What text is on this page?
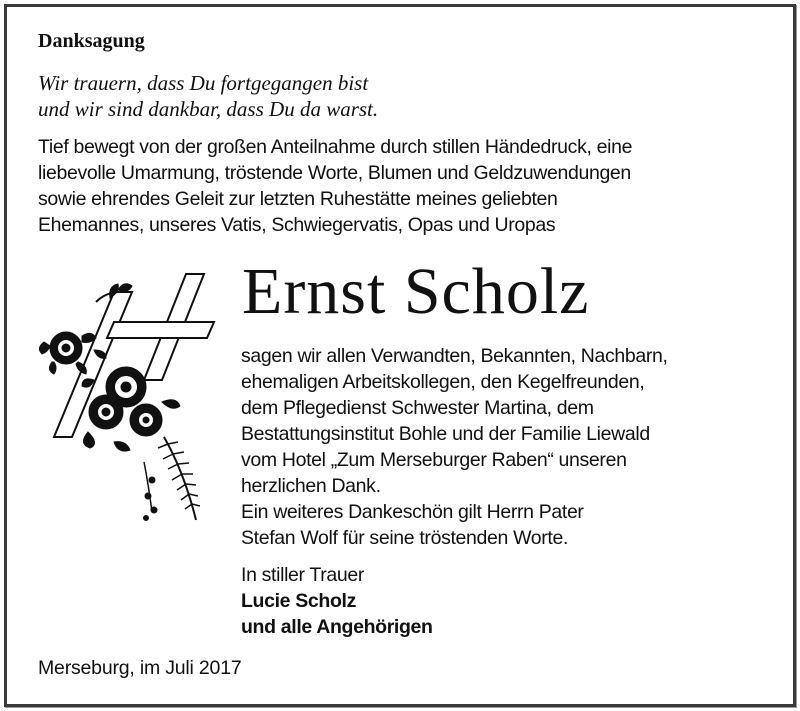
Danksagung
Wir trauern, dass Du fortgegangen bist
und wir sind dankbar, dass Du da warst.
Tief bewegt von der großen Anteilnahme durch stillen Händedruck, eine
liebevolle Umarmung, tröstende Worte, Blumen und Geldzuwendungen
sowie ehrendes Geleit zur letzten Ruhestätte meines geliebten
Ehemannes, unseres Vatis, Schwiegervatis, Opas und Uropas
Ernst Scholz
sagen wir allen Verwandten, Bekannten, Nachbarn,
ehemaligen Arbeitskollegen, den Kegelfreunden,
dem Pflegedienst Schwester Martina, dem
Bestattungsinstitut Bohle und der Familie Liewald
vom Hotel „Zum Merseburger Raben“ unseren
herzlichen Dank.
Ein weiteres Dankeschön gilt Herrn Pater
Stefan Wolf für seine tröstenden Worte.
In stiller Trauer
Lucie Scholz
und alle Angehörigen
Merseburg, im Juli 2017
